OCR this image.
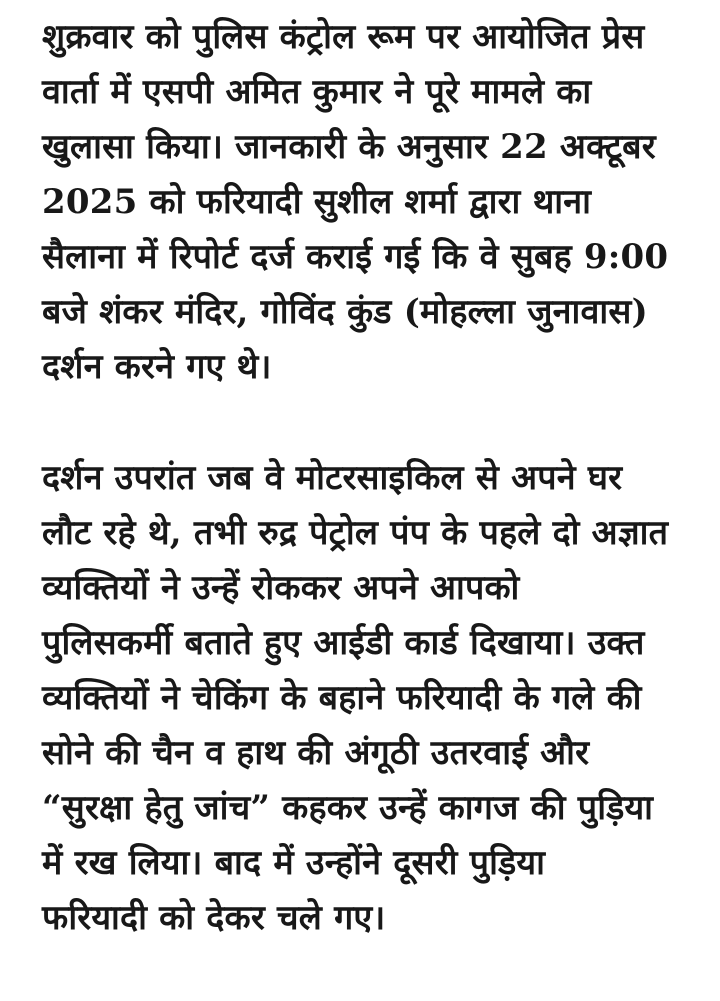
शुक्रवार को पुलिस कंट्रोल रूम पर आयोजित प्रेस
वार्ता में एसपी अमित कुमार ने पूरे मामले का
खुलासा किया। जानकारी के अनुसार 22 अक्टूबर
2025 को फरियादी सुशील शर्मा द्वारा थाना
सैलाना में रिपोर्ट दर्ज कराई गई कि वे सुबह 9:00
बजे शंकर मंदिर, गोविंद कुंड (मोहल्ला जुनावास)
दर्शन करने गए थे।

दर्शन उपरांत जब वे मोटरसाइकिल से अपने घर
लौट रहे थे, तभी रुद्र पेट्रोल पंप के पहले दो अज्ञात
व्यक्तियों ने उन्हें रोककर अपने आपको
पुलिसकर्मी बताते हुए आईडी कार्ड दिखाया। उक्त
व्यक्तियों ने चेकिंग के बहाने फरियादी के गले की
सोने की चैन व हाथ की अंगूठी उतरवाई और
“सुरक्षा हेतु जांच” कहकर उन्हें कागज की पुड़िया
में रख लिया। बाद में उन्होंने दूसरी पुड़िया
फरियादी को देकर चले गए।
